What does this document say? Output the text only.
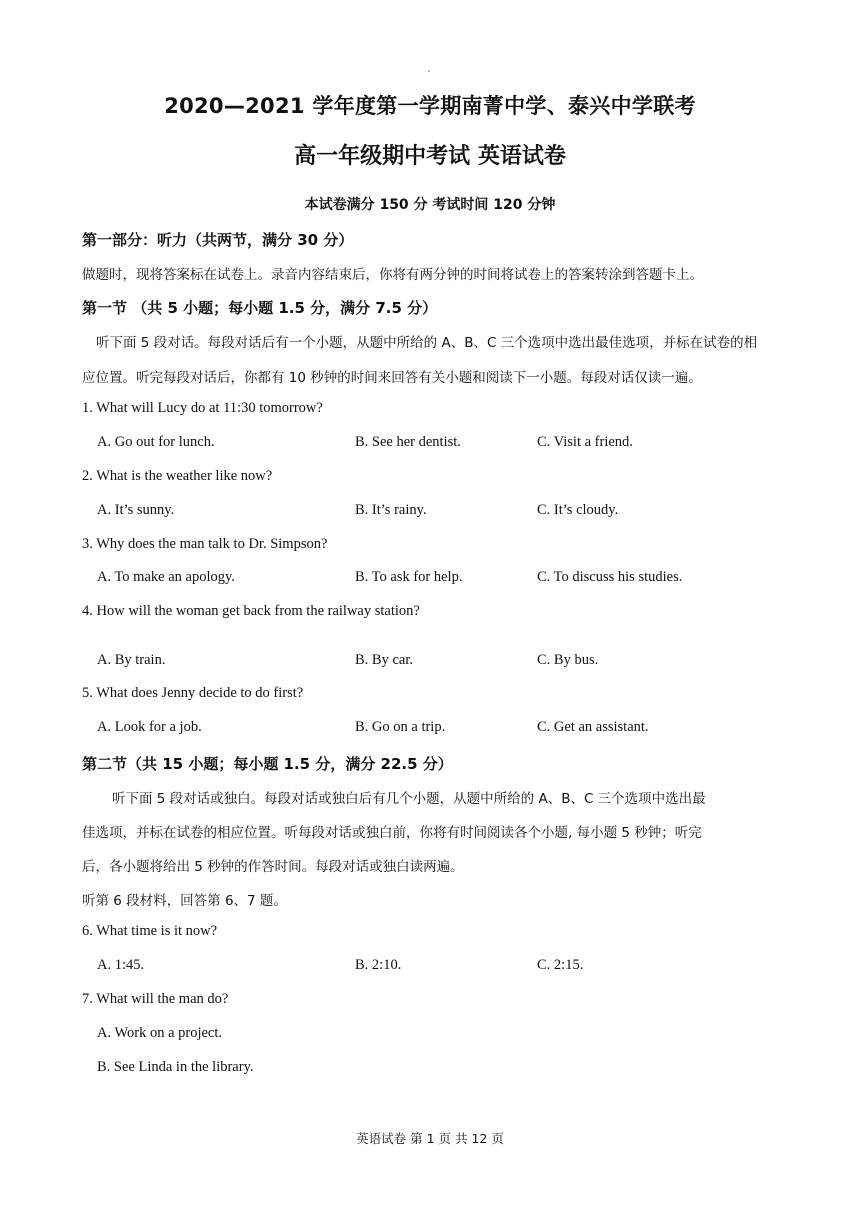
2020—2021 学年度第一学期南菁中学、泰兴中学联考
高一年级期中考试 英语试卷
本试卷满分 150 分 考试时间 120 分钟
第一部分：听力（共两节，满分 30 分）
做题时，现将答案标在试卷上。录音内容结束后，你将有两分钟的时间将试卷上的答案转涂到答题卡上。
第一节 （共 5 小题；每小题 1.5 分，满分 7.5 分）
听下面 5 段对话。每段对话后有一个小题，从题中所给的 A、B、C 三个选项中选出最佳选项，并标在试卷的相
应位置。听完每段对话后，你都有 10 秒钟的时间来回答有关小题和阅读下一小题。每段对话仅读一遍。
1. What will Lucy do at 11:30 tomorrow?
A. Go out for lunch.	B. See her dentist.	C. Visit a friend.
2. What is the weather like now?
A. It’s sunny.	B. It’s rainy.	C. It’s cloudy.
3. Why does the man talk to Dr. Simpson?
A. To make an apology.	B. To ask for help.	C. To discuss his studies.
4. How will the woman get back from the railway station?
A. By train.	B. By car.	C. By bus.
5. What does Jenny decide to do first?
A. Look for a job.	B. Go on a trip.	C. Get an assistant.
第二节（共 15 小题；每小题 1.5 分，满分 22.5 分）
听下面 5 段对话或独白。每段对话或独白后有几个小题，从题中所给的 A、B、C 三个选项中选出最
佳选项，并标在试卷的相应位置。听每段对话或独白前，你将有时间阅读各个小题, 每小题 5 秒钟；听完
后，各小题将给出 5 秒钟的作答时间。每段对话或独白读两遍。
听第 6 段材料，回答第 6、7 题。
6. What time is it now?
A. 1:45.	B. 2:10.	C. 2:15.
7. What will the man do?
A. Work on a project.
B. See Linda in the library.
英语试卷 第 1 页 共 12 页
